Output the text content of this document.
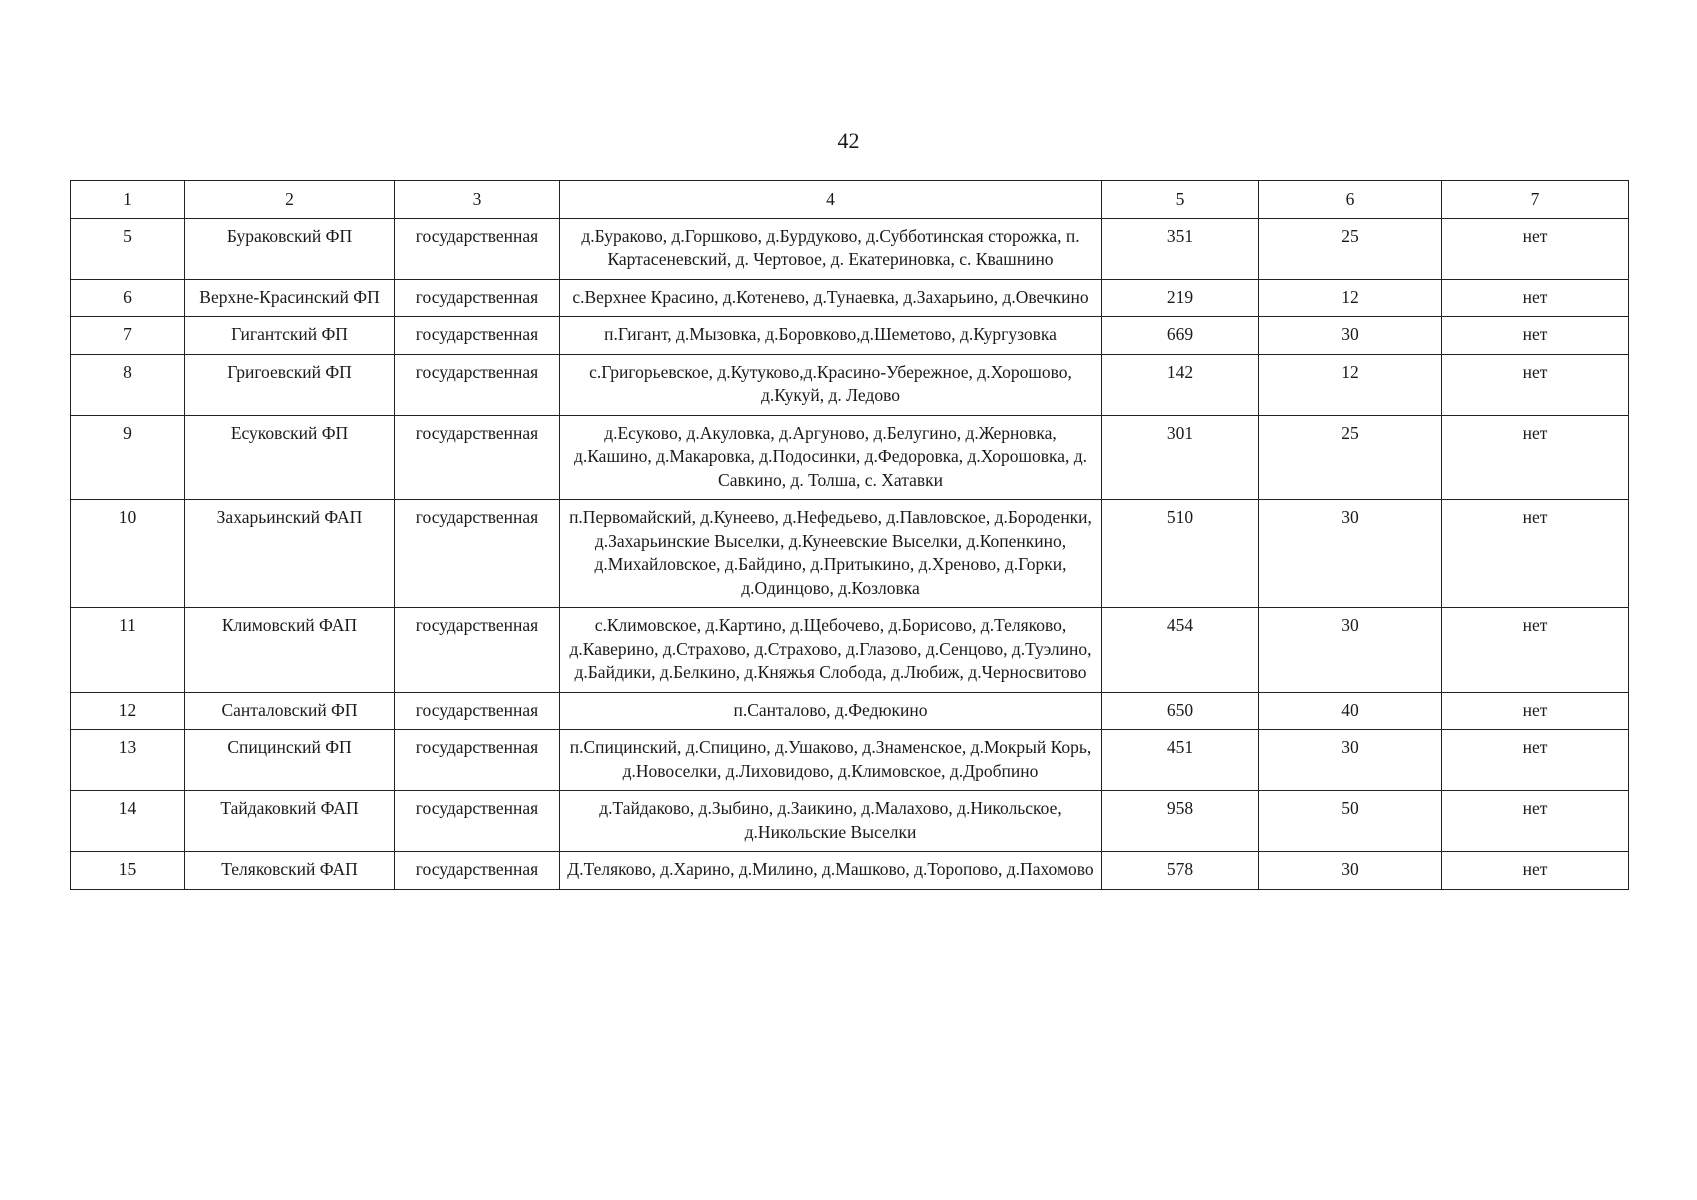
42
1	2	3	4	5	6	7
5	Бураковский ФП	государственная	д.Бураково, д.Горшково, д.Бурдуково, д.Субботинская сторожка, п. Картасеневский, д. Чертовое, д. Екатериновка, с. Квашнино	351	25	нет
6	Верхне-Красинский ФП	государственная	с.Верхнее Красино, д.Котенево, д.Тунаевка, д.Захарьино, д.Овечкино	219	12	нет
7	Гигантский ФП	государственная	п.Гигант, д.Мызовка, д.Боровково,д.Шеметово, д.Кургузовка	669	30	нет
8	Григоевский ФП	государственная	с.Григорьевское, д.Кутуково,д.Красино-Убережное, д.Хорошово, д.Кукуй, д. Ледово	142	12	нет
9	Есуковский ФП	государственная	д.Есуково, д.Акуловка, д.Аргуново, д.Белугино, д.Жерновка, д.Кашино, д.Макаровка, д.Подосинки, д.Федоровка, д.Хорошовка, д. Савкино, д. Толша, с. Хатавки	301	25	нет
10	Захарьинский ФАП	государственная	п.Первомайский, д.Кунеево, д.Нефедьево, д.Павловское, д.Бороденки, д.Захарьинские Выселки, д.Кунеевские Выселки, д.Копенкино, д.Михайловское, д.Байдино, д.Притыкино, д.Хреново, д.Горки, д.Одинцово, д.Козловка	510	30	нет
11	Климовский ФАП	государственная	с.Климовское, д.Картино, д.Щебочево, д.Борисово, д.Теляково, д.Каверино, д.Страхово, д.Страхово, д.Глазово, д.Сенцово, д.Туэлино, д.Байдики, д.Белкино, д.Княжья Слобода, д.Любиж, д.Черносвитово	454	30	нет
12	Санталовский ФП	государственная	п.Санталово, д.Федюкино	650	40	нет
13	Спицинский ФП	государственная	п.Спицинский, д.Спицино, д.Ушаково, д.Знаменское, д.Мокрый Корь, д.Новоселки, д.Лиховидово, д.Климовское, д.Дробпино	451	30	нет
14	Тайдаковкий ФАП	государственная	д.Тайдаково, д.Зыбино, д.Заикино, д.Малахово, д.Никольское, д.Никольские Выселки	958	50	нет
15	Теляковский ФАП	государственная	Д.Теляково, д.Харино, д.Милино, д.Машково, д.Торопово, д.Пахомово	578	30	нет
